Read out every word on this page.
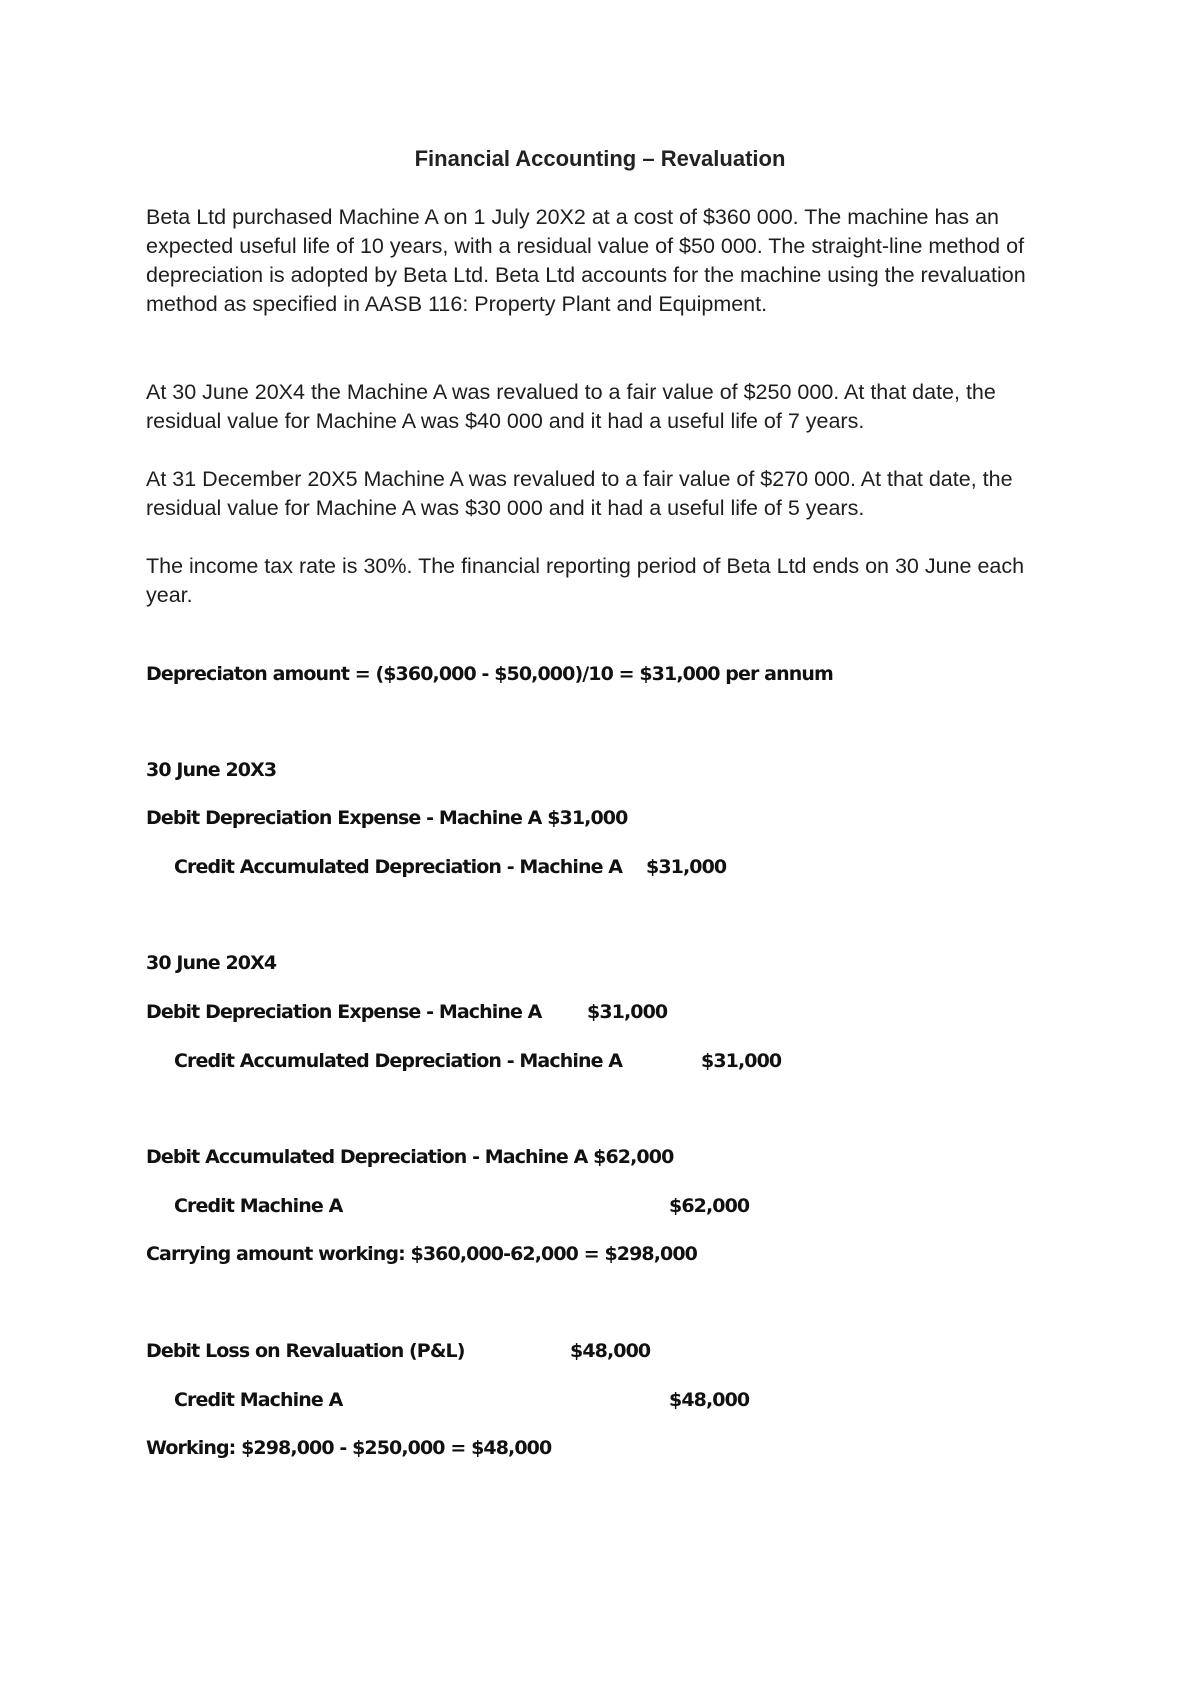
Financial Accounting – Revaluation

Beta Ltd purchased Machine A on 1 July 20X2 at a cost of $360 000. The machine has an expected useful life of 10 years, with a residual value of $50 000. The straight-line method of depreciation is adopted by Beta Ltd. Beta Ltd accounts for the machine using the revaluation method as specified in AASB 116: Property Plant and Equipment.

At 30 June 20X4 the Machine A was revalued to a fair value of $250 000. At that date, the residual value for Machine A was $40 000 and it had a useful life of 7 years.

At 31 December 20X5 Machine A was revalued to a fair value of $270 000. At that date, the residual value for Machine A was $30 000 and it had a useful life of 5 years.

The income tax rate is 30%. The financial reporting period of Beta Ltd ends on 30 June each year.

Depreciaton amount = ($360,000 - $50,000)/10 = $31,000 per annum
30 June 20X3
Debit Depreciation Expense - Machine A $31,000
Credit Accumulated Depreciation - Machine A $31,000
30 June 20X4
Debit Depreciation Expense - Machine A $31,000
Credit Accumulated Depreciation - Machine A	$31,000
Debit Accumulated Depreciation - Machine A $62,000
Credit Machine A	$62,000
Carrying amount working: $360,000-62,000 = $298,000
Debit Loss on Revaluation (P&L)	$48,000
Credit Machine A	$48,000
Working: $298,000 - $250,000 = $48,000
